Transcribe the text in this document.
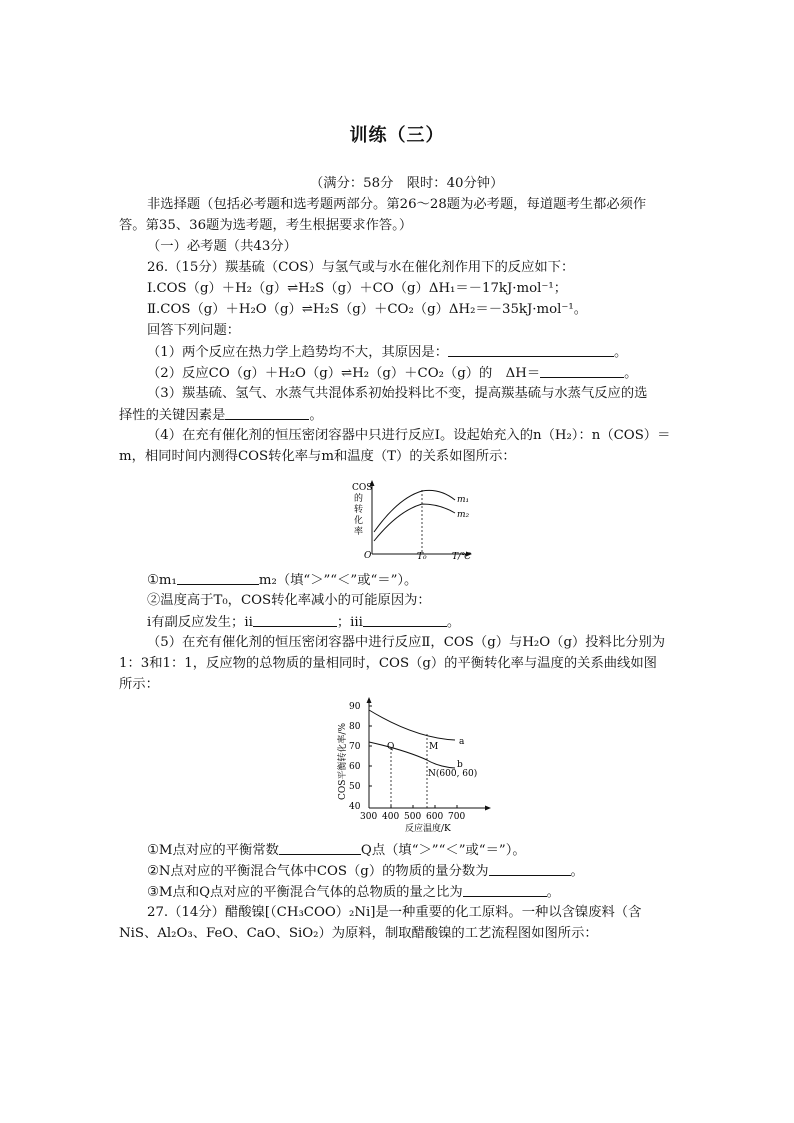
训练（三）
（满分：58分　限时：40分钟）
非选择题（包括必考题和选考题两部分。第26～28题为必考题，每道题考生都必须作
答。第35、36题为选考题，考生根据要求作答。）
（一）必考题（共43分）
26.（15分）羰基硫（COS）与氢气或与水在催化剂作用下的反应如下：
Ⅰ.COS（g）＋H₂（g）⇌H₂S（g）＋CO（g）ΔH₁＝－17kJ·mol⁻¹；
Ⅱ.COS（g）＋H₂O（g）⇌H₂S（g）＋CO₂（g）ΔH₂＝－35kJ·mol⁻¹。
回答下列问题：
（1）两个反应在热力学上趋势均不大，其原因是：	。
（2）反应CO（g）＋H₂O（g）⇌H₂（g）＋CO₂（g）的　ΔH＝	。
（3）羰基硫、氢气、水蒸气共混体系初始投料比不变，提高羰基硫与水蒸气反应的选
择性的关键因素是	。
（4）在充有催化剂的恒压密闭容器中只进行反应Ⅰ。设起始充入的n（H₂）：n（COS）＝
m，相同时间内测得COS转化率与m和温度（T）的关系如图所示：
COS
的
转
化
率
O	T₀	T/℃
m₁
m₂
①m₁	m₂（填“＞”“＜”或“＝”）。
②温度高于T₀，COS转化率减小的可能原因为：
ⅰ有副反应发生；ⅱ	；ⅲ	。
（5）在充有催化剂的恒压密闭容器中进行反应Ⅱ，COS（g）与H₂O（g）投料比分别为
1：3和1：1，反应物的总物质的量相同时，COS（g）的平衡转化率与温度的关系曲线如图
所示：
90
80
70
60
50
40
300 400 500 600 700
反应温度/K
COS平衡转化率/%	a
b
Q	M
N(600, 60)
①M点对应的平衡常数	Q点（填“＞”“＜”或“＝”）。
②N点对应的平衡混合气体中COS（g）的物质的量分数为	。
③M点和Q点对应的平衡混合气体的总物质的量之比为	。
27.（14分）醋酸镍[（CH₃COO）₂Ni]是一种重要的化工原料。一种以含镍废料（含
NiS、Al₂O₃、FeO、CaO、SiO₂）为原料，制取醋酸镍的工艺流程图如图所示：
